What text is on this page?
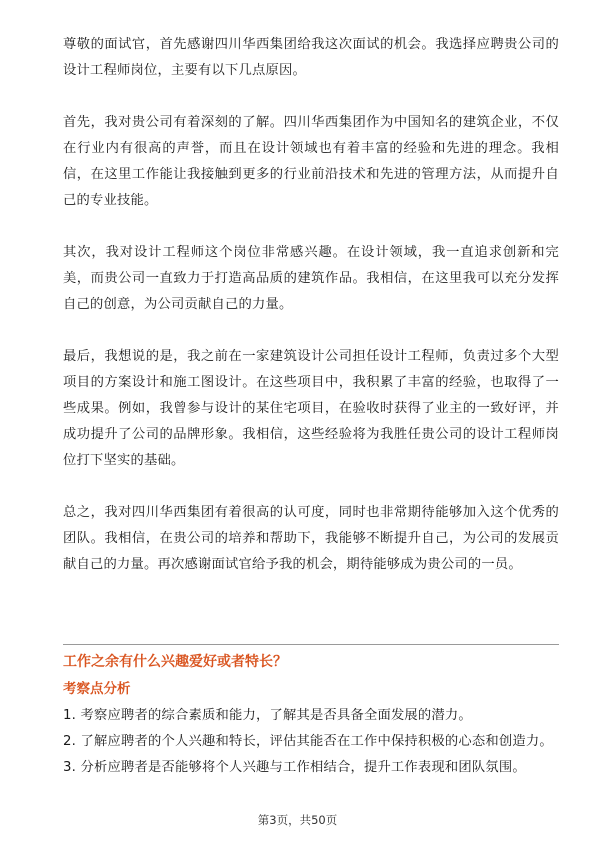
尊敬的面试官，首先感谢四川华西集团给我这次面试的机会。我选择应聘贵公司的设计工程师岗位，主要有以下几点原因。

首先，我对贵公司有着深刻的了解。四川华西集团作为中国知名的建筑企业，不仅在行业内有很高的声誉，而且在设计领域也有着丰富的经验和先进的理念。我相信，在这里工作能让我接触到更多的行业前沿技术和先进的管理方法，从而提升自己的专业技能。

其次，我对设计工程师这个岗位非常感兴趣。在设计领域，我一直追求创新和完美，而贵公司一直致力于打造高品质的建筑作品。我相信，在这里我可以充分发挥自己的创意，为公司贡献自己的力量。

最后，我想说的是，我之前在一家建筑设计公司担任设计工程师，负责过多个大型项目的方案设计和施工图设计。在这些项目中，我积累了丰富的经验，也取得了一些成果。例如，我曾参与设计的某住宅项目，在验收时获得了业主的一致好评，并成功提升了公司的品牌形象。我相信，这些经验将为我胜任贵公司的设计工程师岗位打下坚实的基础。

总之，我对四川华西集团有着很高的认可度，同时也非常期待能够加入这个优秀的团队。我相信，在贵公司的培养和帮助下，我能够不断提升自己，为公司的发展贡献自己的力量。再次感谢面试官给予我的机会，期待能够成为贵公司的一员。

工作之余有什么兴趣爱好或者特长？

考察点分析

1. 考察应聘者的综合素质和能力，了解其是否具备全面发展的潜力。

2. 了解应聘者的个人兴趣和特长，评估其能否在工作中保持积极的心态和创造力。

3. 分析应聘者是否能够将个人兴趣与工作相结合，提升工作表现和团队氛围。

第3页，共50页
